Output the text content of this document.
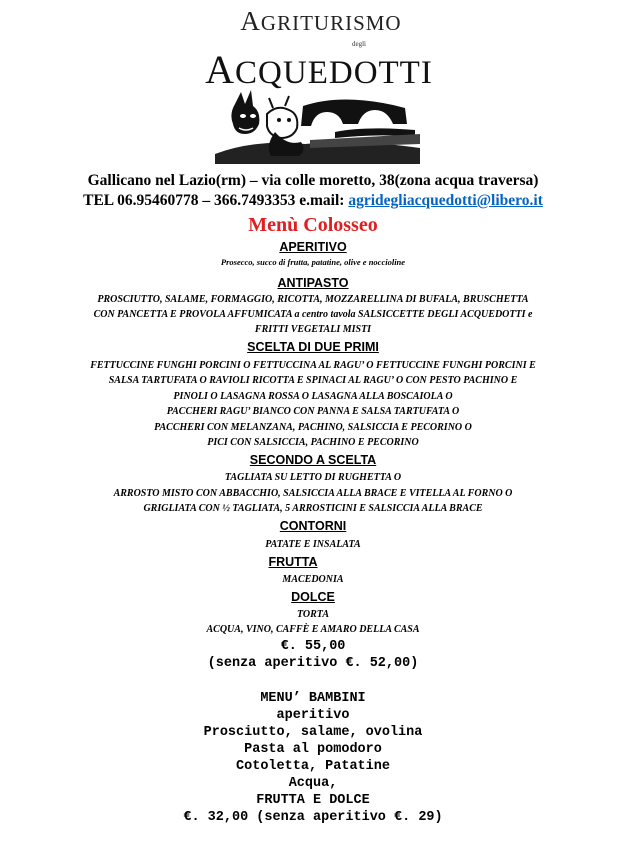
AGRITURISMO
degli
ACQUEDOTTI
Gallicano nel Lazio(rm) – via colle moretto, 38(zona acqua traversa)
TEL 06.95460778 – 366.7493353 e.mail: agridegliacquedotti@libero.it
Menù Colosseo
APERITIVO
Prosecco, succo di frutta, patatine, olive e noccioline
ANTIPASTO
PROSCIUTTO, SALAME, FORMAGGIO, RICOTTA, MOZZARELLINA DI BUFALA, BRUSCHETTA
CON PANCETTA E PROVOLA AFFUMICATA a centro tavola SALSICCETTE DEGLI ACQUEDOTTI e
FRITTI VEGETALI MISTI
SCELTA DI DUE PRIMI
FETTUCCINE FUNGHI PORCINI O FETTUCCINA AL RAGU’ O FETTUCCINE FUNGHI PORCINI E
SALSA TARTUFATA O RAVIOLI RICOTTA E SPINACI AL RAGU’ O CON PESTO PACHINO E
PINOLI O LASAGNA ROSSA O LASAGNA ALLA BOSCAIOLA O
PACCHERI RAGU’ BIANCO CON PANNA E SALSA TARTUFATA O
PACCHERI CON MELANZANA, PACHINO, SALSICCIA E PECORINO O
PICI CON SALSICCIA, PACHINO E PECORINO
SECONDO A SCELTA
TAGLIATA SU LETTO DI RUGHETTA O
ARROSTO MISTO CON ABBACCHIO, SALSICCIA ALLA BRACE E VITELLA AL FORNO O
GRIGLIATA CON ½ TAGLIATA, 5 ARROSTICINI E SALSICCIA ALLA BRACE
CONTORNI
PATATE E INSALATA
FRUTTA
MACEDONIA
DOLCE
TORTA
ACQUA, VINO, CAFFÈ E AMARO DELLA CASA
€. 55,00
(senza aperitivo €. 52,00)
MENU’ BAMBINI
aperitivo
Prosciutto, salame, ovolina
Pasta al pomodoro
Cotoletta, Patatine
Acqua,
FRUTTA E DOLCE
€. 32,00 (senza aperitivo €. 29)
